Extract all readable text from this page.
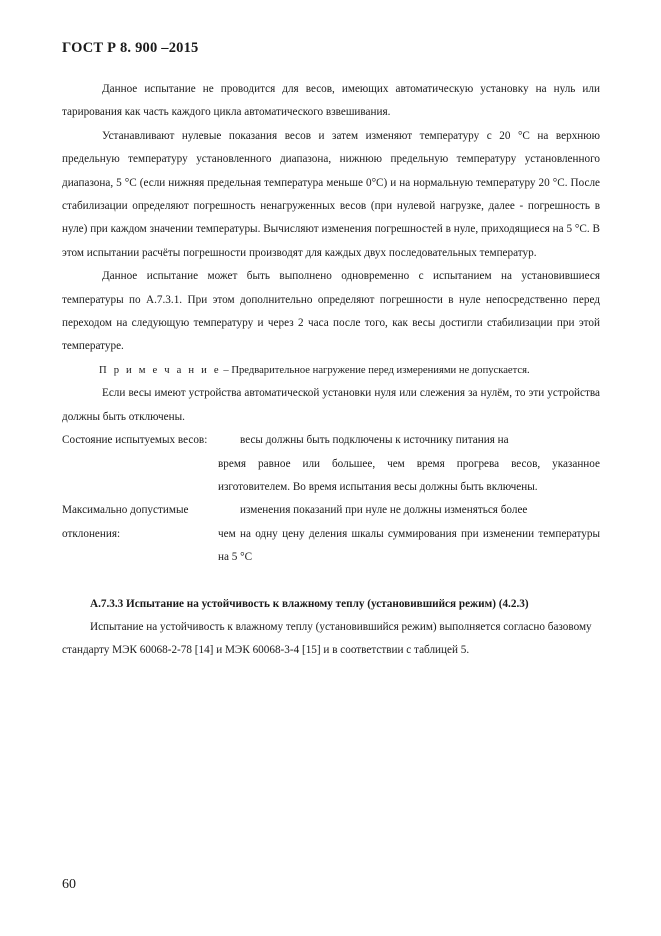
ГОСТ Р 8. 900 –2015

Данное испытание не проводится для весов, имеющих автоматическую установку на нуль или тарирования как часть каждого цикла автоматического взвешивания.

Устанавливают нулевые показания весов и затем изменяют температуру с 20 °С на верхнюю предельную температуру установленного диапазона, нижнюю предельную температуру установленного диапазона, 5 °С (если нижняя предельная температура меньше 0°С) и на нормальную температуру 20 °С. После стабилизации определяют погрешность ненагруженных весов (при нулевой нагрузке, далее - погрешность в нуле) при каждом значении температуры. Вычисляют изменения погрешностей в нуле, приходящиеся на 5 °С. В этом испытании расчёты погрешности производят для каждых двух последовательных температур.

Данное испытание может быть выполнено одновременно с испытанием на установившиеся температуры по А.7.3.1. При этом дополнительно определяют погрешности в нуле непосредственно перед переходом на следующую температуру и через 2 часа после того, как весы достигли стабилизации при этой температуре.

П р и м е ч а н и е – Предварительное нагружение перед измерениями не допускается.

Если весы имеют устройства автоматической установки нуля или слежения за нулём, то эти устройства должны быть отключены.

Состояние испытуемых весов:	весы должны быть подключены к источнику питания на
время равное или большее, чем время прогрева весов, указанное изготовителем. Во время испытания весы должны быть включены.
Максимально допустимые отклонения:
изменения показаний при нуле не должны изменяться более
чем на одну цену деления шкалы суммирования при изменении температуры на 5 °С

А.7.3.3 Испытание на устойчивость к влажному теплу (установившийся режим) (4.2.3)

Испытание на устойчивость к влажному теплу (установившийся режим) выполняется согласно базовому стандарту МЭК 60068-2-78 [14] и МЭК 60068-3-4 [15] и в соответствии с таблицей 5.

60
